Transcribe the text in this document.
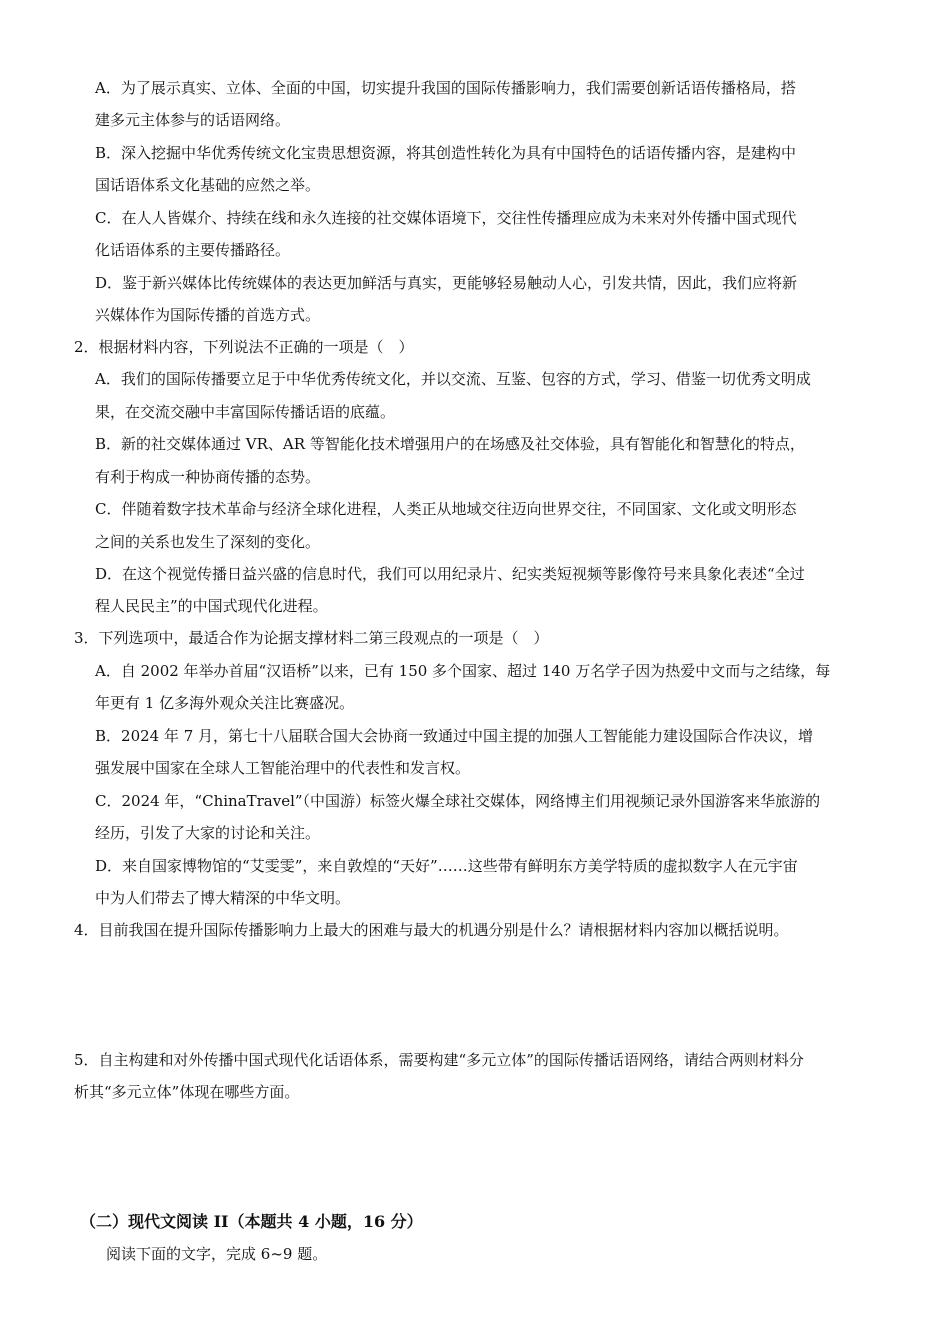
A．为了展示真实、立体、全面的中国，切实提升我国的国际传播影响力，我们需要创新话语传播格局，搭

建多元主体参与的话语网络。

B．深入挖掘中华优秀传统文化宝贵思想资源，将其创造性转化为具有中国特色的话语传播内容，是建构中

国话语体系文化基础的应然之举。

C．在人人皆媒介、持续在线和永久连接的社交媒体语境下，交往性传播理应成为未来对外传播中国式现代

化话语体系的主要传播路径。

D．鉴于新兴媒体比传统媒体的表达更加鲜活与真实，更能够轻易触动人心，引发共情，因此，我们应将新

兴媒体作为国际传播的首选方式。

2．根据材料内容，下列说法不正确的一项是（　）

A．我们的国际传播要立足于中华优秀传统文化，并以交流、互鉴、包容的方式，学习、借鉴一切优秀文明成

果，在交流交融中丰富国际传播话语的底蕴。

B．新的社交媒体通过 VR、AR 等智能化技术增强用户的在场感及社交体验，具有智能化和智慧化的特点，

有利于构成一种协商传播的态势。

C．伴随着数字技术革命与经济全球化进程，人类正从地域交往迈向世界交往，不同国家、文化或文明形态

之间的关系也发生了深刻的变化。

D．在这个视觉传播日益兴盛的信息时代，我们可以用纪录片、纪实类短视频等影像符号来具象化表述“全过

程人民民主”的中国式现代化进程。

3．下列选项中，最适合作为论据支撑材料二第三段观点的一项是（　）

A．自 2002 年举办首届“汉语桥”以来，已有 150 多个国家、超过 140 万名学子因为热爱中文而与之结缘，每

年更有 1 亿多海外观众关注比赛盛况。

B．2024 年 7 月，第七十八届联合国大会协商一致通过中国主提的加强人工智能能力建设国际合作决议，增

强发展中国家在全球人工智能治理中的代表性和发言权。

C．2024 年，“ChinaTravel”（中国游）标签火爆全球社交媒体，网络博主们用视频记录外国游客来华旅游的

经历，引发了大家的讨论和关注。

D．来自国家博物馆的“艾雯雯”，来自敦煌的“天好”……这些带有鲜明东方美学特质的虚拟数字人在元宇宙

中为人们带去了博大精深的中华文明。

4．目前我国在提升国际传播影响力上最大的困难与最大的机遇分别是什么？请根据材料内容加以概括说明。

5．自主构建和对外传播中国式现代化话语体系，需要构建“多元立体”的国际传播话语网络，请结合两则材料分

析其“多元立体”体现在哪些方面。

（二）现代文阅读 II（本题共 4 小题，16 分）

阅读下面的文字，完成 6~9 题。
